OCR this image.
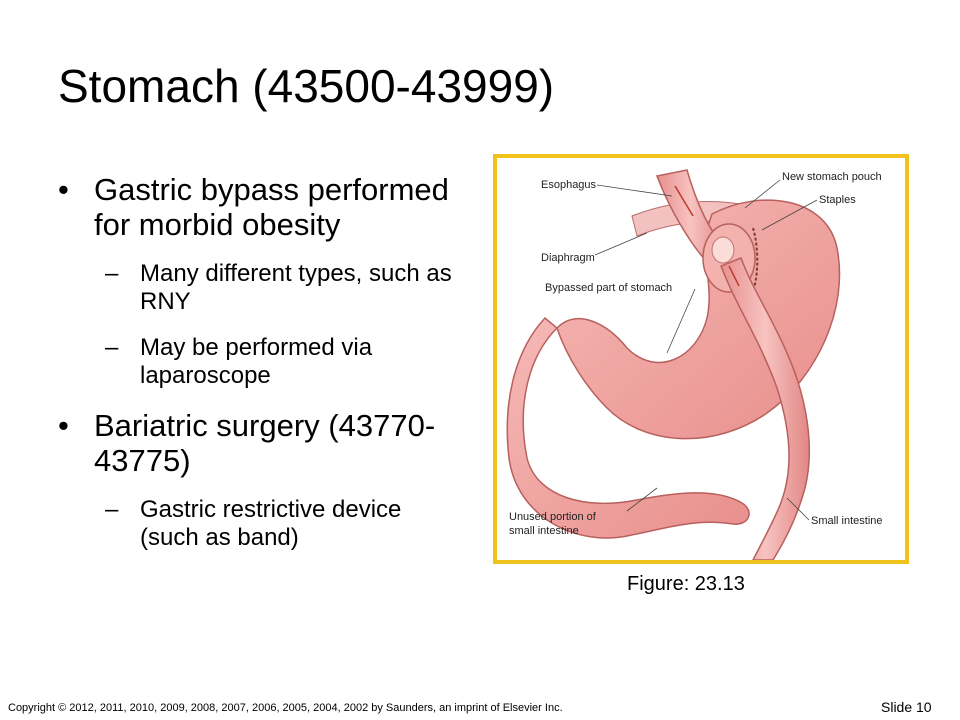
Stomach (43500-43999)
• Gastric bypass performed for morbid obesity
– Many different types, such as RNY
– May be performed via laparoscope
• Bariatric surgery (43770-43775)
– Gastric restrictive device (such as band)
Esophagus
New stomach pouch
Staples
Diaphragm
Bypassed part of stomach
Unused portion of
small intestine
Small intestine
Figure: 23.13
Copyright © 2012, 2011, 2010, 2009, 2008, 2007, 2006, 2005, 2004, 2002 by Saunders, an imprint of Elsevier Inc.	Slide 10
